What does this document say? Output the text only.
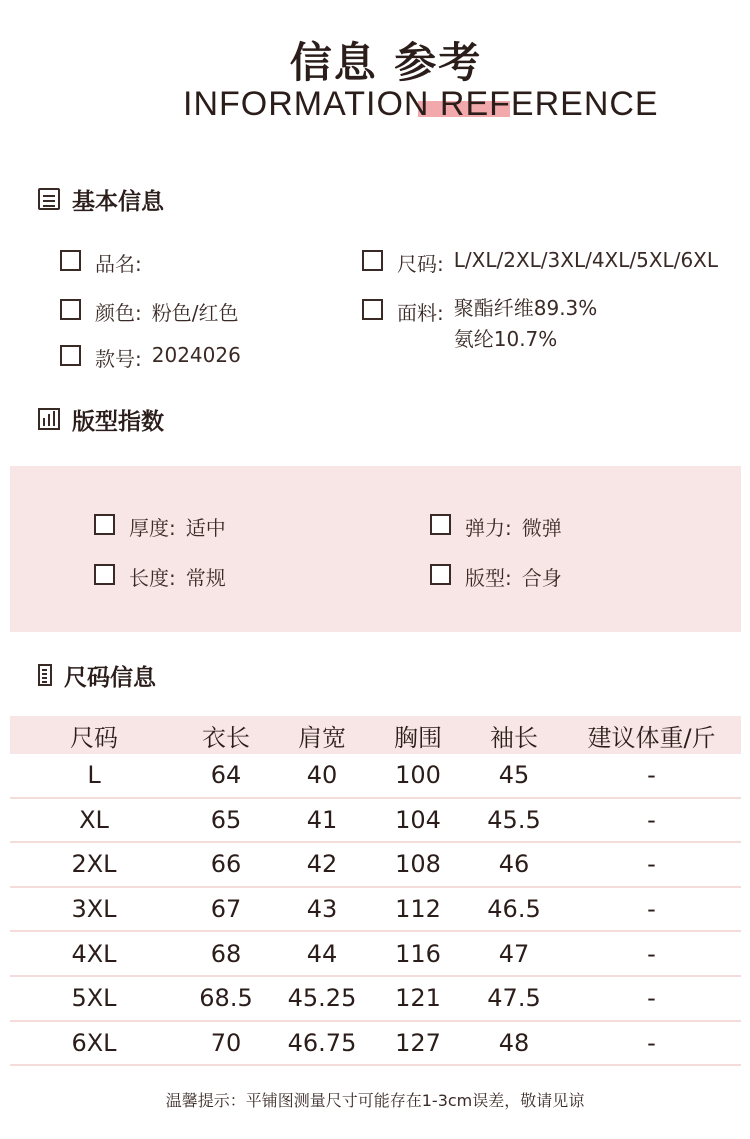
信息 参考
INFORMATION REFERENCE
基本信息
品名:	尺码: L/XL/2XL/3XL/4XL/5XL/6XL
颜色: 粉色/红色	面料: 聚酯纤维89.3%
氨纶10.7%
款号: 2024026
版型指数
厚度: 适中	弹力: 微弹
长度: 常规	版型: 合身
尺码信息
尺码	衣长	肩宽	胸围	袖长	建议体重/斤
L	64	40	100	45	-
XL	65	41	104	45.5	-
2XL	66	42	108	46	-
3XL	67	43	112	46.5	-
4XL	68	44	116	47	-
5XL	68.5	45.25	121	47.5	-
6XL	70	46.75	127	48	-
温馨提示：平铺图测量尺寸可能存在1-3cm误差，敬请见谅
